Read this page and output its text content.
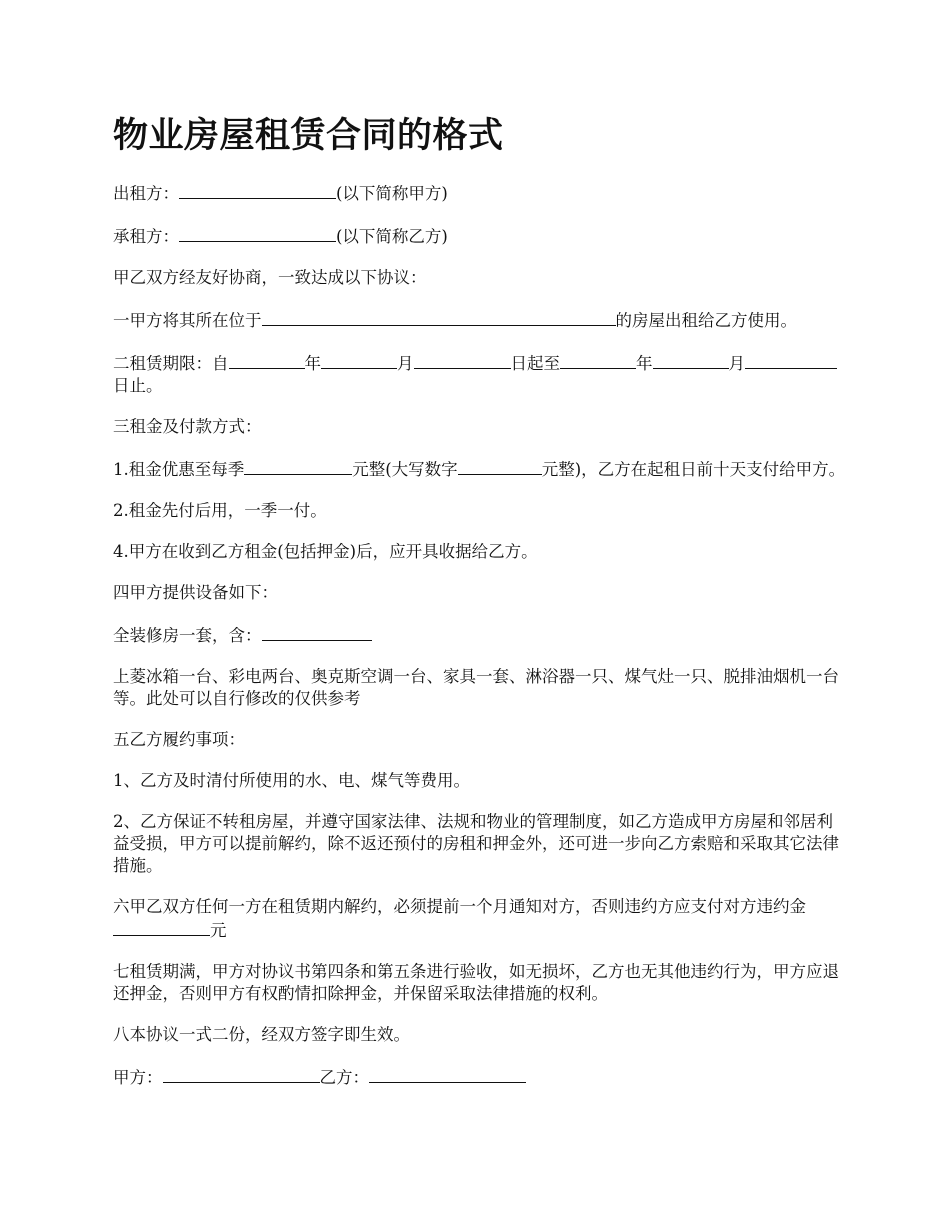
物业房屋租赁合同的格式

出租方：	(以下简称甲方)

承租方：	(以下简称乙方)

甲乙双方经友好协商，一致达成以下协议：

一甲方将其所在位于	的房屋出租给乙方使用。

二租赁期限：自	年	月	日起至	年	月日止。

三租金及付款方式：

1.租金优惠至每季	元整(大写数字	元整)，乙方在起租日前十天支付给甲方。

2.租金先付后用，一季一付。

4.甲方在收到乙方租金(包括押金)后，应开具收据给乙方。

四甲方提供设备如下：

全装修房一套，含：

上菱冰箱一台、彩电两台、奥克斯空调一台、家具一套、淋浴器一只、煤气灶一只、脱排油烟机一台等。此处可以自行修改的仅供参考

五乙方履约事项：

1、乙方及时清付所使用的水、电、煤气等费用。

2、乙方保证不转租房屋，并遵守国家法律、法规和物业的管理制度，如乙方造成甲方房屋和邻居利益受损，甲方可以提前解约，除不返还预付的房租和押金外，还可进一步向乙方索赔和采取其它法律措施。

六甲乙双方任何一方在租赁期内解约，必须提前一个月通知对方，否则违约方应支付对方违约金元

七租赁期满，甲方对协议书第四条和第五条进行验收，如无损坏，乙方也无其他违约行为，甲方应退还押金，否则甲方有权酌情扣除押金，并保留采取法律措施的权利。

八本协议一式二份，经双方签字即生效。

甲方：	乙方：
